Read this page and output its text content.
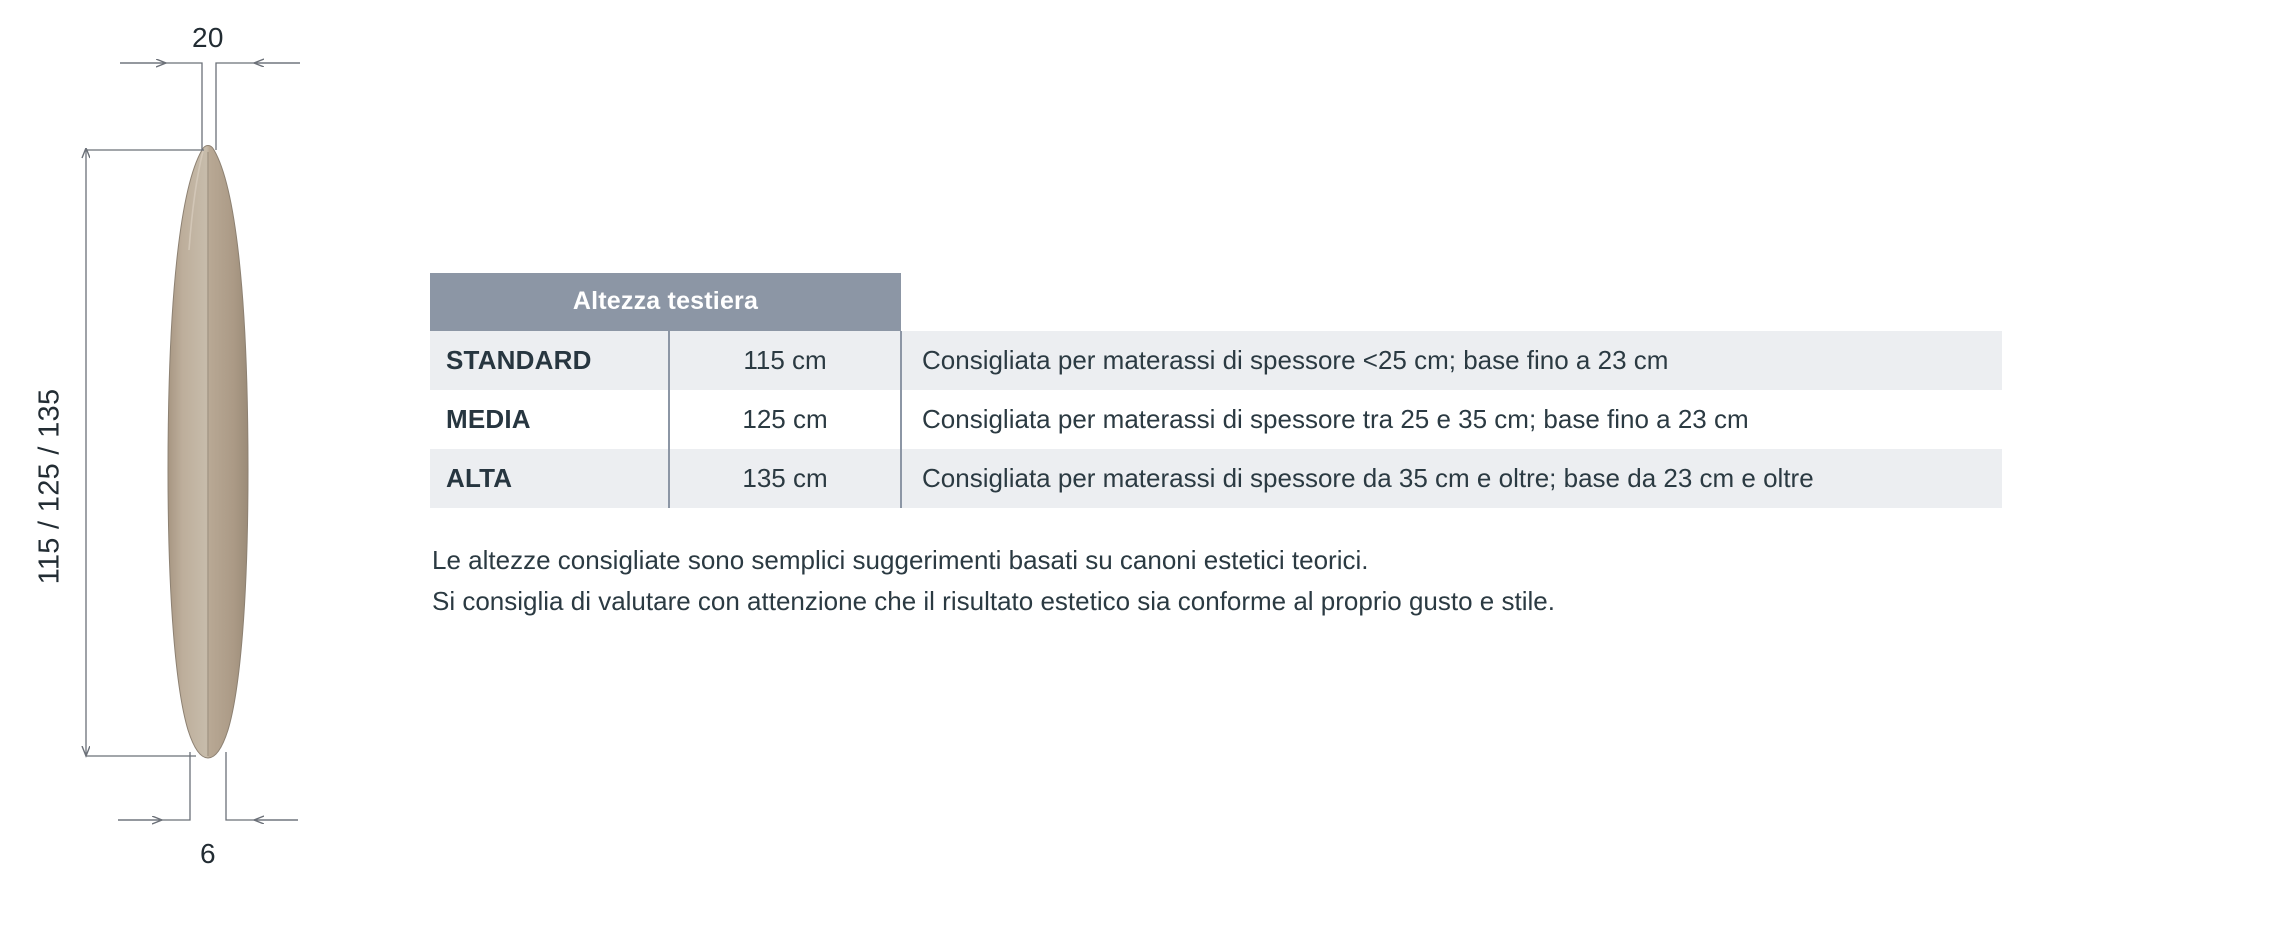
20
6
115 / 125 / 135
Altezza testiera		
STANDARD	115 cm	Consigliata per materassi di spessore <25 cm; base fino a 23 cm
MEDIA	125 cm	Consigliata per materassi di spessore tra 25 e 35 cm; base fino a 23 cm
ALTA	135 cm	Consigliata per materassi di spessore da 35 cm e oltre; base da 23 cm e oltre
Le altezze consigliate sono semplici suggerimenti basati su canoni estetici teorici.
Si consiglia di valutare con attenzione che il risultato estetico sia conforme al proprio gusto e stile.
